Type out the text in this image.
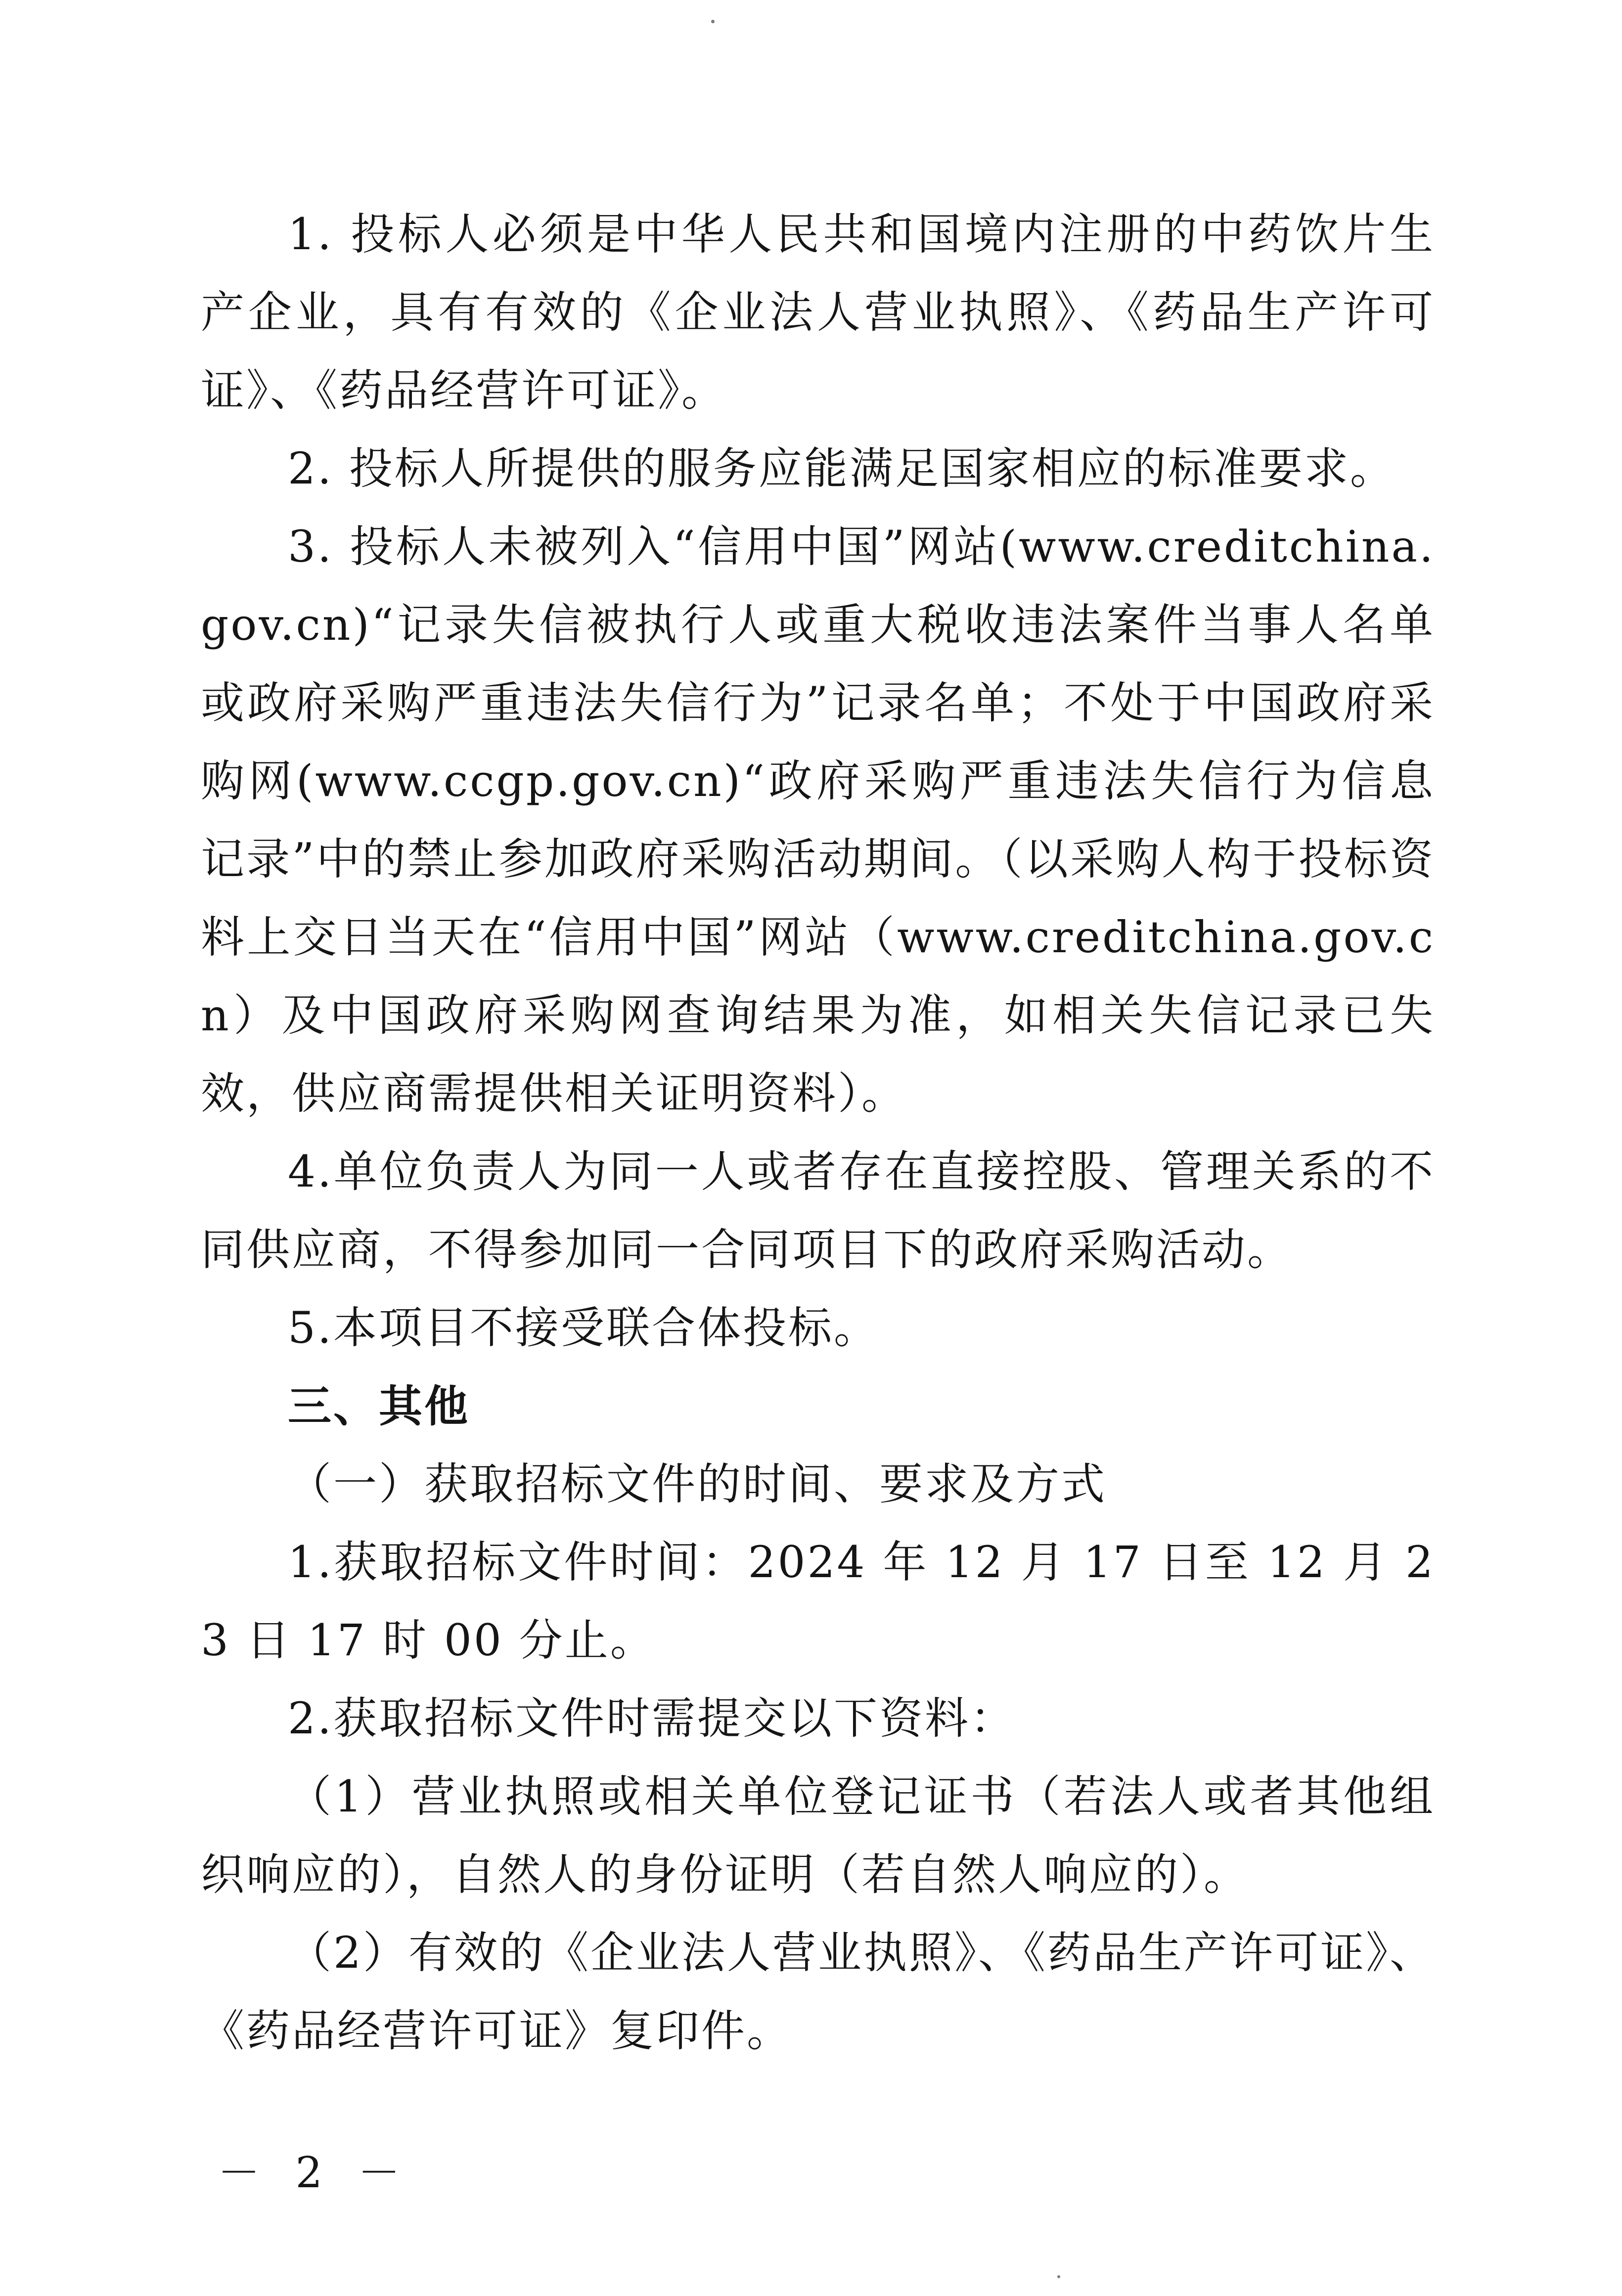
1. 投标人必须是中华人民共和国境内注册的中药饮片生产企业，具有有效的《企业法人营业执照》、《药品生产许可证》、《药品经营许可证》。

2. 投标人所提供的服务应能满足国家相应的标准要求。

3. 投标人未被列入“信用中国”网站(www.creditchina.gov.cn)“记录失信被执行人或重大税收违法案件当事人名单或政府采购严重违法失信行为”记录名单；不处于中国政府采购网(www.ccgp.gov.cn)“政府采购严重违法失信行为信息记录”中的禁止参加政府采购活动期间。（以采购人构于投标资料上交日当天在“信用中国”网站（www.creditchina.gov.cn）及中国政府采购网查询结果为准，如相关失信记录已失效，供应商需提供相关证明资料）。

4.单位负责人为同一人或者存在直接控股、管理关系的不同供应商，不得参加同一合同项目下的政府采购活动。

5.本项目不接受联合体投标。

三、其他

（一）获取招标文件的时间、要求及方式

1.获取招标文件时间：2024 年 12 月 17 日至 12 月 23 日 17 时 00 分止。

2.获取招标文件时需提交以下资料：

（1）营业执照或相关单位登记证书（若法人或者其他组织响应的），自然人的身份证明（若自然人响应的）。

（2）有效的《企业法人营业执照》、《药品生产许可证》、《药品经营许可证》复印件。

－ 2 －
